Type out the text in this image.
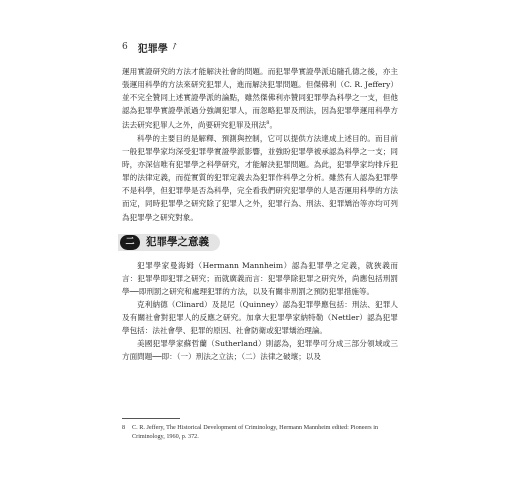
6 犯罪學 ↗

運用實證研究的方法才能解決社會的問題。而犯罪學實證學派追隨孔德之後，亦主張運用科學的方法來研究犯罪人，進而解決犯罪問題。但傑佛利（C. R. Jeffery）並不完全贊同上述實證學派的論點，雖然傑佛利亦贊同犯罪學為科學之一支，但他認為犯罪學實證學派過分強調犯罪人，而忽略犯罪及刑法，因為犯罪學運用科學方法去研究犯罪人之外，尚要研究犯罪及刑法$^8$。

科學的主要目的是解釋、預測與控制，它可以提供方法達成上述目的。而目前一般犯罪學家均深受犯罪學實證學派影響，並強盼犯罪學被承認為科學之一支；同時，亦深信唯有犯罪學之科學研究，才能解決犯罪問題。為此，犯罪學家均排斥犯罪的法律定義，而從實質的犯罪定義去為犯罪作科學之分析。雖然有人認為犯罪學不是科學，但犯罪學是否為科學，完全看我們研究犯罪學的人是否運用科學的方法而定，同時犯罪學之研究除了犯罪人之外，犯罪行為、刑法、犯罪矯治等亦均可列為犯罪學之研究對象。

二	犯罪學之意義

犯罪學家曼海姆（Hermann Mannheim）認為犯罪學之定義，就狹義而言：犯罪學即犯罪之研究；而就廣義而言：犯罪學除犯罪之研究外，尚應包括刑罰學──即刑罰之研究和處理犯罪的方法，以及有關非刑罰之預防犯罪措施等。

克利納德（Clinard）及昆尼（Quinney）認為犯罪學應包括：刑法、犯罪人及有關社會對犯罪人的反應之研究。加拿大犯罪學家納特勒（Nettler）認為犯罪學包括：法社會學、犯罪的原因、社會防衛或犯罪矯治理論。

美國犯罪學家蘇哲蘭（Sutherland）則認為，犯罪學可分成三部分領域或三方面問題──即：（一）刑法之立法；（二）法律之破壞；以及

8 C. R. Jeffery, The Historical Development of Criminology, Hermann Mannheim edited: Pioneers in
Criminology, 1960, p. 372.
